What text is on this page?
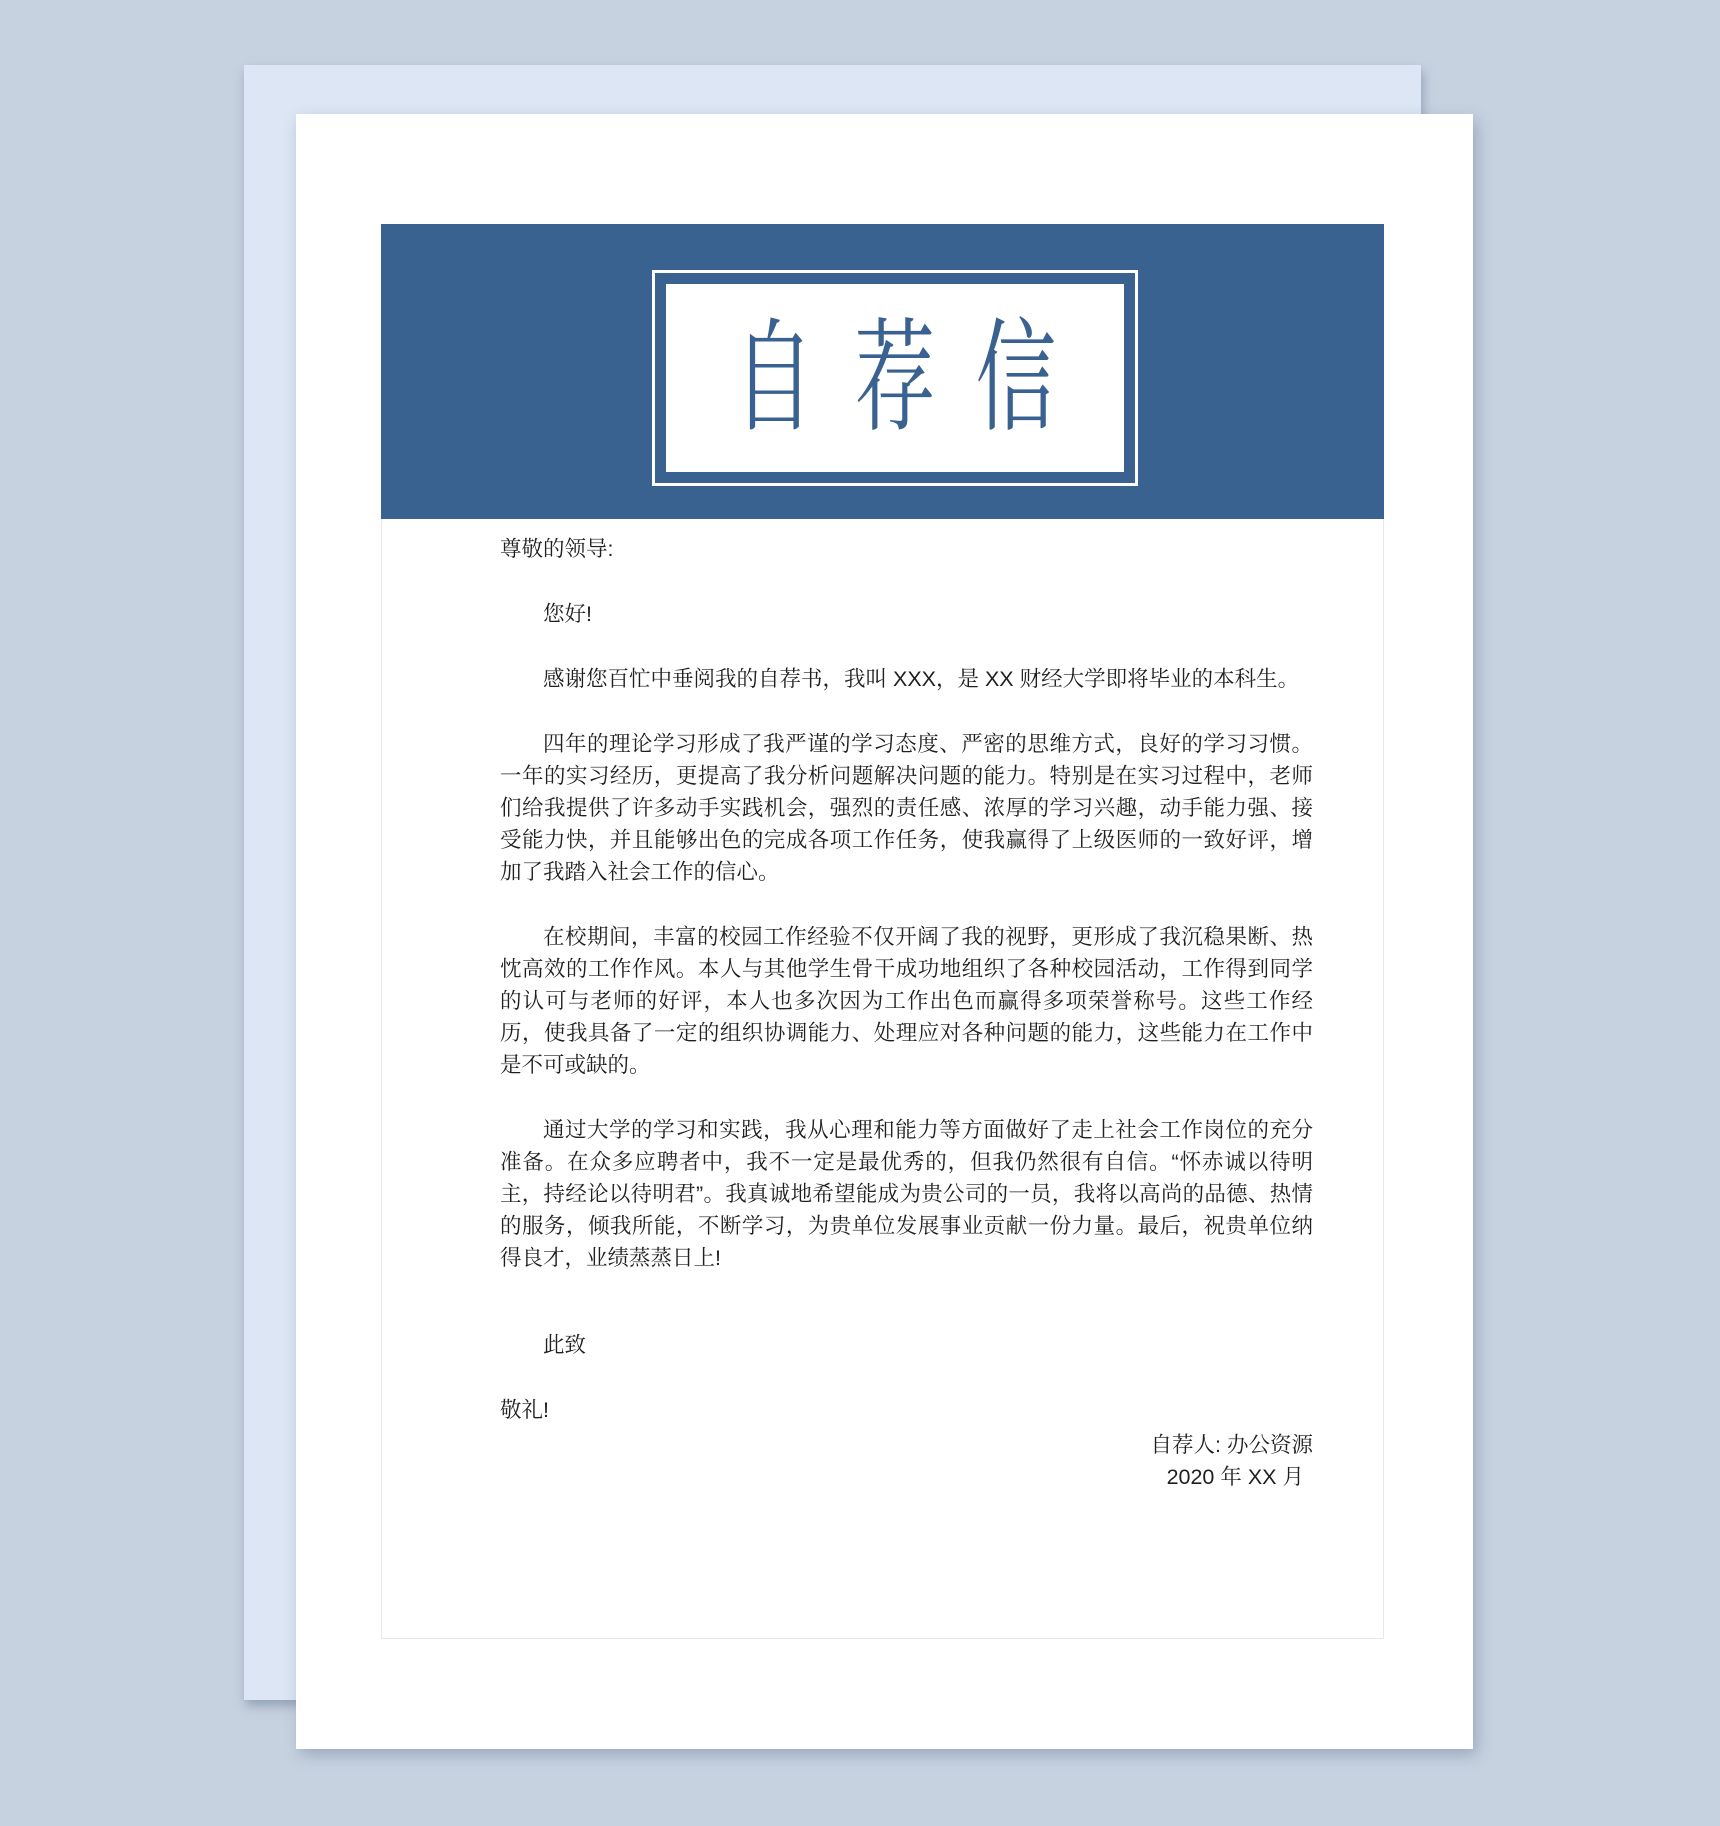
自 荐 信

尊敬的领导:

您好!

感谢您百忙中垂阅我的自荐书，我叫 XXX，是 XX 财经大学即将毕业的本科生。

四年的理论学习形成了我严谨的学习态度、严密的思维方式，良好的学习习惯。一年的实习经历，更提高了我分析问题解决问题的能力。特别是在实习过程中，老师们给我提供了许多动手实践机会，强烈的责任感、浓厚的学习兴趣，动手能力强、接受能力快，并且能够出色的完成各项工作任务，使我赢得了上级医师的一致好评，增加了我踏入社会工作的信心。

在校期间，丰富的校园工作经验不仅开阔了我的视野，更形成了我沉稳果断、热忱高效的工作作风。本人与其他学生骨干成功地组织了各种校园活动，工作得到同学的认可与老师的好评，本人也多次因为工作出色而赢得多项荣誉称号。这些工作经历，使我具备了一定的组织协调能力、处理应对各种问题的能力，这些能力在工作中是不可或缺的。

通过大学的学习和实践，我从心理和能力等方面做好了走上社会工作岗位的充分准备。在众多应聘者中，我不一定是最优秀的，但我仍然很有自信。“怀赤诚以待明主，持经论以待明君”。我真诚地希望能成为贵公司的一员，我将以高尚的品德、热情的服务，倾我所能，不断学习，为贵单位发展事业贡献一份力量。最后，祝贵单位纳得良才，业绩蒸蒸日上!

此致

敬礼!

自荐人: 办公资源

2020 年 XX 月
